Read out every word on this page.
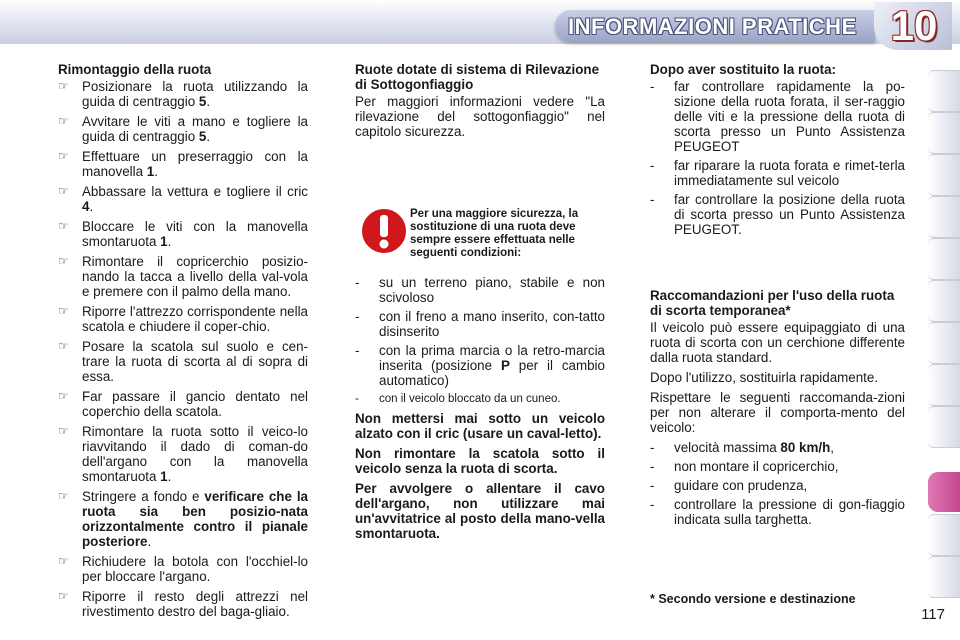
INFORMAZIONI PRATICHE 10
Rimontaggio della ruota
☞ Posizionare la ruota utilizzando la guida di centraggio 5.
☞ Avvitare le viti a mano e togliere la guida di centraggio 5.
☞ Effettuare un preserraggio con la manovella 1.
☞ Abbassare la vettura e togliere il cric 4.
☞ Bloccare le viti con la manovella smontaruota 1.
☞ Rimontare il copricerchio posizio-nando la tacca a livello della val-vola e premere con il palmo della mano.
☞ Riporre l'attrezzo corrispondente nella scatola e chiudere il coper-chio.
☞ Posare la scatola sul suolo e cen-trare la ruota di scorta al di sopra di essa.
☞ Far passare il gancio dentato nel coperchio della scatola.
☞ Rimontare la ruota sotto il veico-lo riavvitando il dado di coman-do dell'argano con la manovella smontaruota 1.
☞ Stringere a fondo e verificare che la ruota sia ben posizio-nata orizzontalmente contro il pianale posteriore.
☞ Richiudere la botola con l'occhiel-lo per bloccare l'argano.
☞ Riporre il resto degli attrezzi nel rivestimento destro del baga-gliaio.
Ruote dotate di sistema di Rilevazione di Sottogonfiaggio
Per maggiori informazioni vedere "La rilevazione del sottogonfiaggio" nel capitolo sicurezza.
Per una maggiore sicurezza, la sostituzione di una ruota deve sempre essere effettuata nelle seguenti condizioni:
- su un terreno piano, stabile e non scivoloso
- con il freno a mano inserito, con-tatto disinserito
- con la prima marcia o la retro-marcia inserita (posizione P per il cambio automatico)
- con il veicolo bloccato da un cuneo.
Non mettersi mai sotto un veicolo alzato con il cric (usare un caval-letto).
Non rimontare la scatola sotto il veicolo senza la ruota di scorta.
Per avvolgere o allentare il cavo dell'argano, non utilizzare mai un'avvitatrice al posto della mano-vella smontaruota.
Dopo aver sostituito la ruota:
- far controllare rapidamente la po-sizione della ruota forata, il ser-raggio delle viti e la pressione della ruota di scorta presso un Punto Assistenza PEUGEOT
- far riparare la ruota forata e rimet-terla immediatamente sul veicolo
- far controllare la posizione della ruota di scorta presso un Punto Assistenza PEUGEOT.
Raccomandazioni per l'uso della ruota di scorta temporanea*
Il veicolo può essere equipaggiato di una ruota di scorta con un cerchione differente dalla ruota standard.
Dopo l'utilizzo, sostituirla rapidamente.
Rispettare le seguenti raccomanda-zioni per non alterare il comporta-mento del veicolo:
- velocità massima 80 km/h,
- non montare il copricerchio,
- guidare con prudenza,
- controllare la pressione di gon-fiaggio indicata sulla targhetta.
* Secondo versione e destinazione
117
